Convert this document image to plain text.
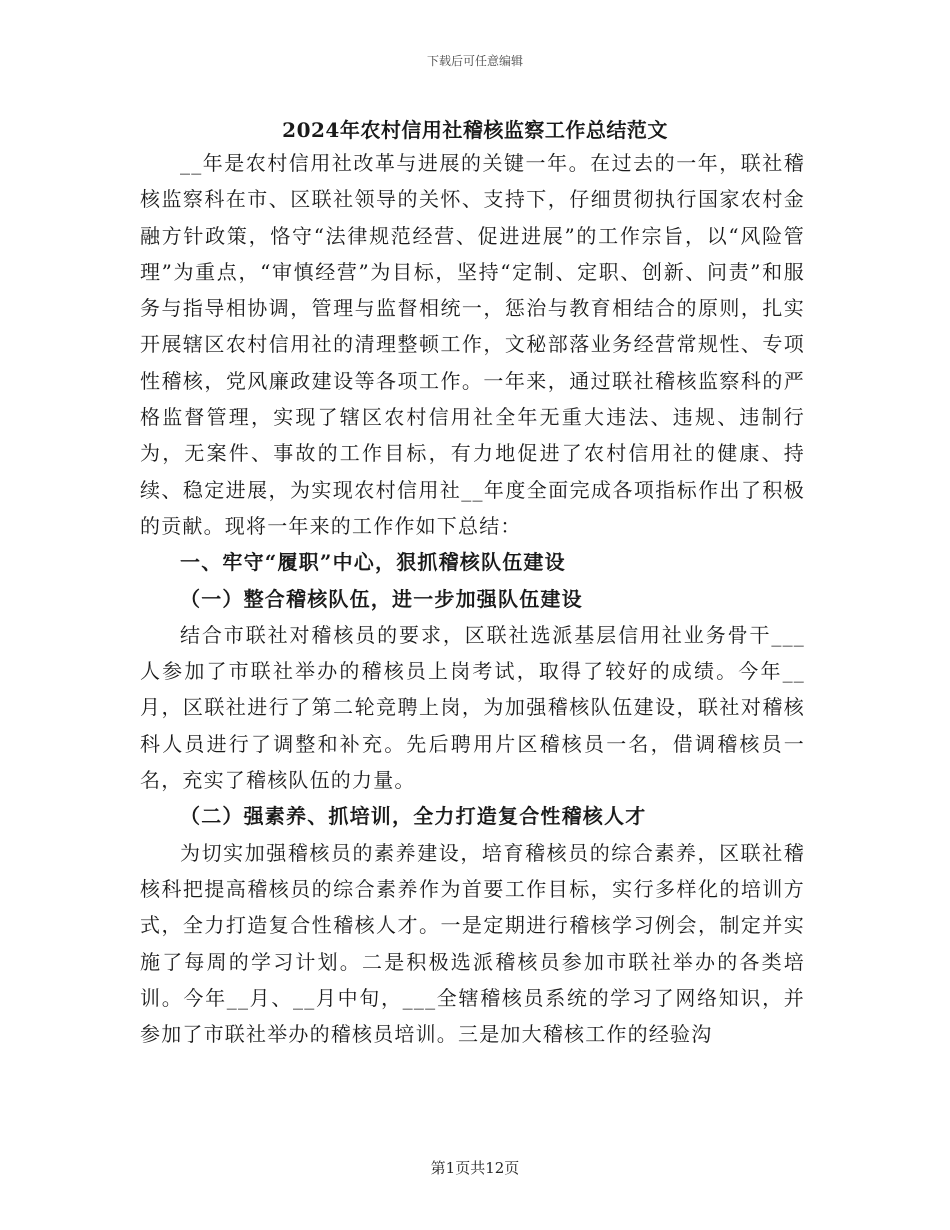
下载后可任意编辑
2024年农村信用社稽核监察工作总结范文

__年是农村信用社改革与进展的关键一年。在过去的一年，联社稽核监察科在市、区联社领导的关怀、支持下，仔细贯彻执行国家农村金融方针政策，恪守“法律规范经营、促进进展”的工作宗旨，以“风险管理”为重点，“审慎经营”为目标，坚持“定制、定职、创新、问责”和服务与指导相协调，管理与监督相统一，惩治与教育相结合的原则，扎实开展辖区农村信用社的清理整顿工作，文秘部落业务经营常规性、专项性稽核，党风廉政建设等各项工作。一年来，通过联社稽核监察科的严格监督管理，实现了辖区农村信用社全年无重大违法、违规、违制行为，无案件、事故的工作目标，有力地促进了农村信用社的健康、持续、稳定进展，为实现农村信用社__年度全面完成各项指标作出了积极的贡献。现将一年来的工作作如下总结：

一、牢守“履职”中心，狠抓稽核队伍建设

（一）整合稽核队伍，进一步加强队伍建设

结合市联社对稽核员的要求，区联社选派基层信用社业务骨干___人参加了市联社举办的稽核员上岗考试，取得了较好的成绩。今年__月，区联社进行了第二轮竞聘上岗，为加强稽核队伍建设，联社对稽核科人员进行了调整和补充。先后聘用片区稽核员一名，借调稽核员一名，充实了稽核队伍的力量。

（二）强素养、抓培训，全力打造复合性稽核人才

为切实加强稽核员的素养建设，培育稽核员的综合素养，区联社稽核科把提高稽核员的综合素养作为首要工作目标，实行多样化的培训方式，全力打造复合性稽核人才。一是定期进行稽核学习例会，制定并实施了每周的学习计划。二是积极选派稽核员参加市联社举办的各类培训。今年__月、__月中旬，___全辖稽核员系统的学习了网络知识，并参加了市联社举办的稽核员培训。三是加大稽核工作的经验沟

第1页共12页
